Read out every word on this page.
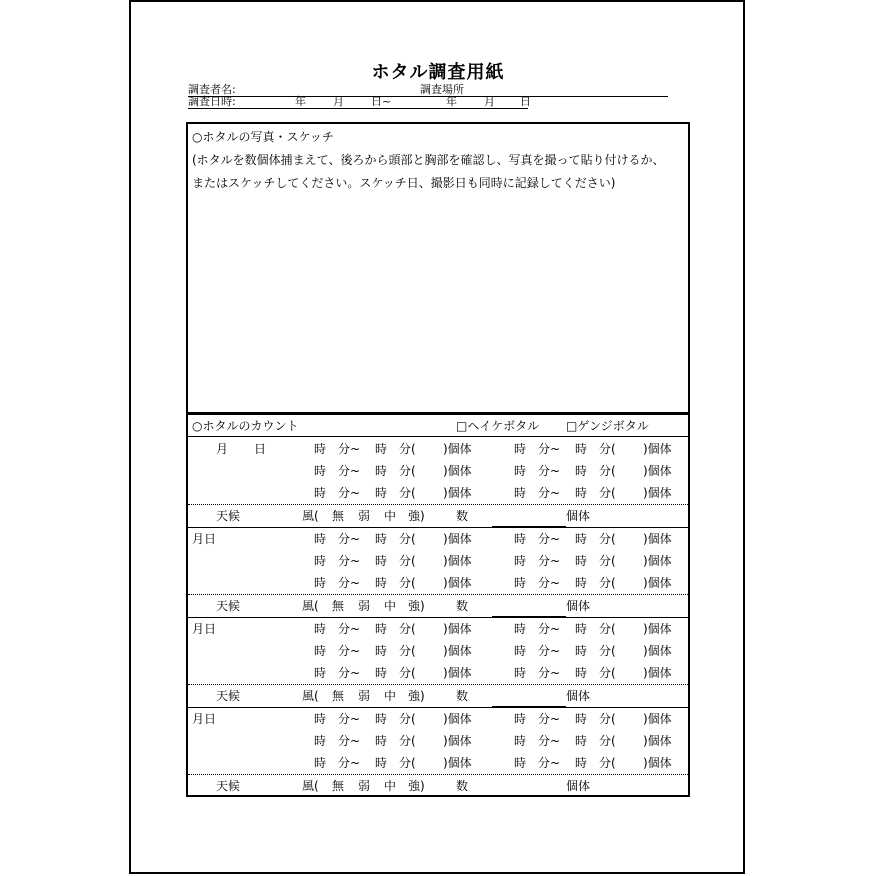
ホタル調査用紙
調査者名:	調査場所
調査日時:	年 月 日~	年 月 日
○ホタルの写真・スケッチ
(ホタルを数個体捕まえて、後ろから頭部と胸部を確認し、写真を撮って貼り付けるか、
またはスケッチしてください。スケッチ日、撮影日も同時に記録してください)
○ホタルのカウント	□ヘイケボタル □ゲンジボタル
月 日	時 分~ 時 分( )個体	時 分~ 時 分( )個体
時 分~ 時 分( )個体	時 分~ 時 分( )個体
時 分~ 時 分( )個体	時 分~ 時 分( )個体
天候	風( 無 弱 中 強)	数	個体
月日	時 分~ 時 分( )個体	時 分~ 時 分( )個体
時 分~ 時 分( )個体	時 分~ 時 分( )個体
時 分~ 時 分( )個体	時 分~ 時 分( )個体
天候	風( 無 弱 中 強)	数	個体
月日	時 分~ 時 分( )個体	時 分~ 時 分( )個体
時 分~ 時 分( )個体	時 分~ 時 分( )個体
時 分~ 時 分( )個体	時 分~ 時 分( )個体
天候	風( 無 弱 中 強)	数	個体
月日	時 分~ 時 分( )個体	時 分~ 時 分( )個体
時 分~ 時 分( )個体	時 分~ 時 分( )個体
時 分~ 時 分( )個体	時 分~ 時 分( )個体
天候	風( 無 弱 中 強)	数	個体
